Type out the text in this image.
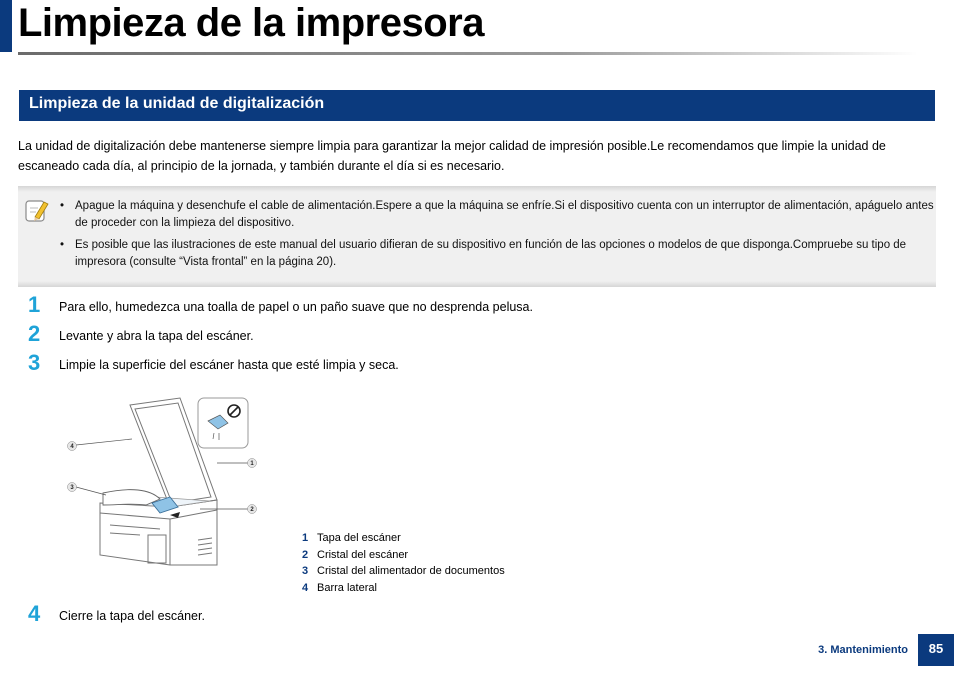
Limpieza de la impresora
Limpieza de la unidad de digitalización
La unidad de digitalización debe mantenerse siempre limpia para garantizar la mejor calidad de impresión posible.Le recomendamos que limpie la unidad de escaneado cada día, al principio de la jornada, y también durante el día si es necesario.
• Apague la máquina y desenchufe el cable de alimentación.Espere a que la máquina se enfríe.Si el dispositivo cuenta con un interruptor de alimentación, apáguelo antes de proceder con la limpieza del dispositivo.
• Es posible que las ilustraciones de este manual del usuario difieran de su dispositivo en función de las opciones o modelos de que disponga.Compruebe su tipo de impresora (consulte “Vista frontal” en la página 20).
1 Para ello, humedezca una toalla de papel o un paño suave que no desprenda pelusa.
2 Levante y abra la tapa del escáner.
3 Limpie la superficie del escáner hasta que esté limpia y seca.
4
1
3
2
1 Tapa del escáner
2 Cristal del escáner
3 Cristal del alimentador de documentos
4 Barra lateral
4 Cierre la tapa del escáner.
3. Mantenimiento	85
